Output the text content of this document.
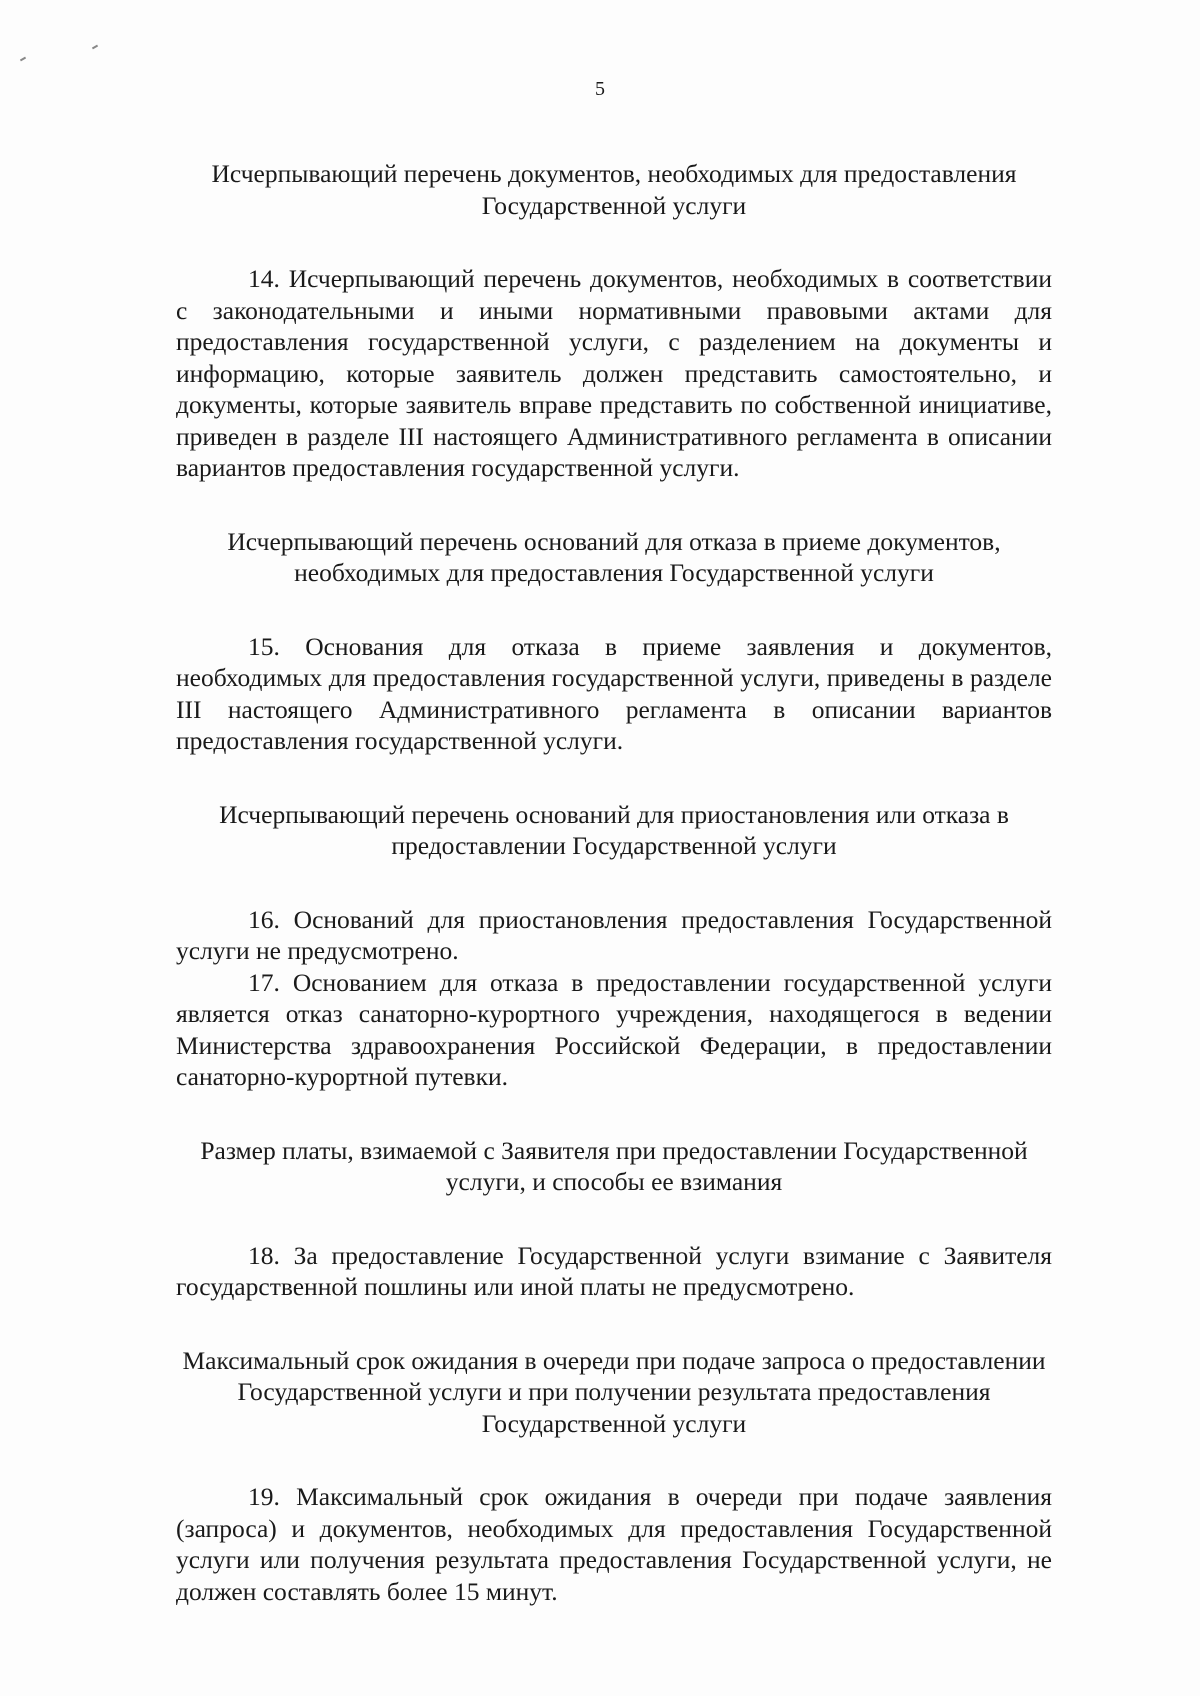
5
Исчерпывающий перечень документов, необходимых для предоставления Государственной услуги

14. Исчерпывающий перечень документов, необходимых в соответствии с законодательными и иными нормативными правовыми актами для предоставления государственной услуги, с разделением на документы и информацию, которые заявитель должен представить самостоятельно, и документы, которые заявитель вправе представить по собственной инициативе, приведен в разделе III настоящего Административного регламента в описании вариантов предоставления государственной услуги.

Исчерпывающий перечень оснований для отказа в приеме документов, необходимых для предоставления Государственной услуги

15. Основания для отказа в приеме заявления и документов, необходимых для предоставления государственной услуги, приведены в разделе III настоящего Административного регламента в описании вариантов предоставления государственной услуги.

Исчерпывающий перечень оснований для приостановления или отказа в предоставлении Государственной услуги

16. Оснований для приостановления предоставления Государственной услуги не предусмотрено.

17. Основанием для отказа в предоставлении государственной услуги является отказ санаторно-курортного учреждения, находящегося в ведении Министерства здравоохранения Российской Федерации, в предоставлении санаторно-курортной путевки.

Размер платы, взимаемой с Заявителя при предоставлении Государственной услуги, и способы ее взимания

18. За предоставление Государственной услуги взимание с Заявителя государственной пошлины или иной платы не предусмотрено.

Максимальный срок ожидания в очереди при подаче запроса о предоставлении Государственной услуги и при получении результата предоставления Государственной услуги

19. Максимальный срок ожидания в очереди при подаче заявления (запроса) и документов, необходимых для предоставления Государственной услуги или получения результата предоставления Государственной услуги, не должен составлять более 15 минут.
